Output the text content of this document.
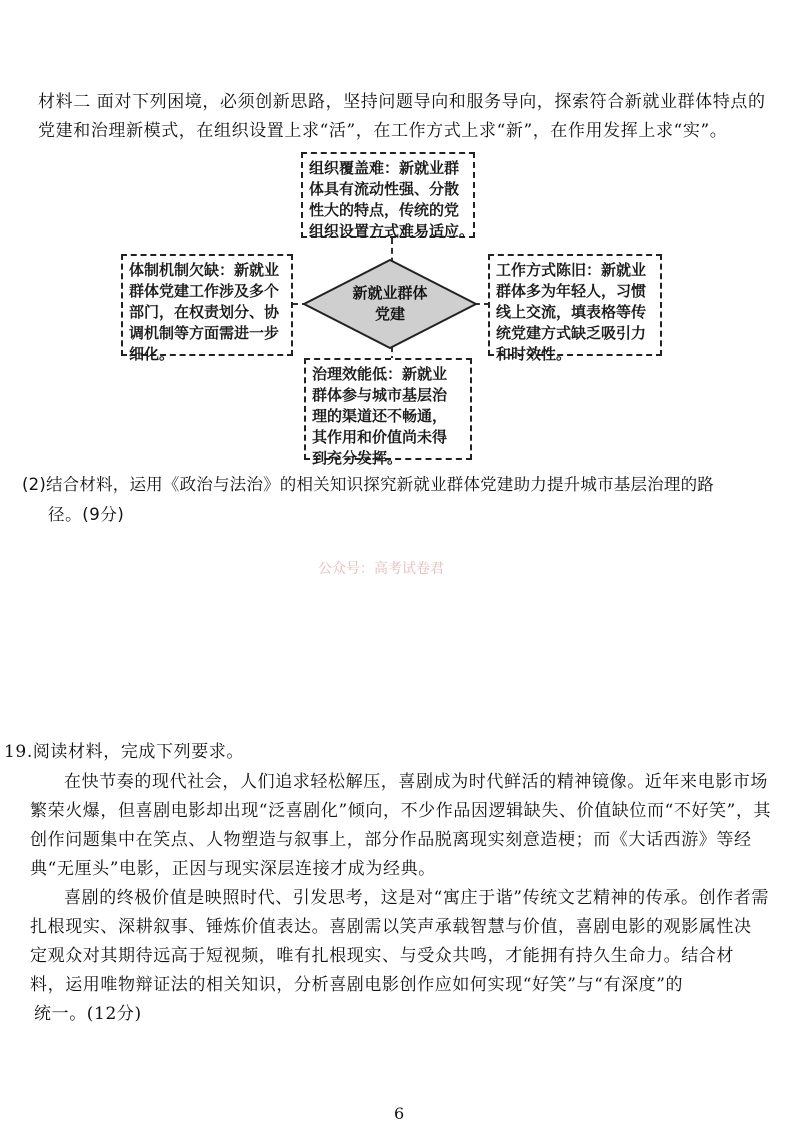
材料二 面对下列困境，必须创新思路，坚持问题导向和服务导向，探索符合新就业群体特点的
党建和治理新模式，在组织设置上求“活”，在工作方式上求“新”，在作用发挥上求“实”。
新就业群体
党建
组织覆盖难：新就业群
体具有流动性强、分散
性大的特点，传统的党
组织设置方式难易适应。
体制机制欠缺：新就业
群体党建工作涉及多个
部门，在权责划分、协
调机制等方面需进一步
细化。
工作方式陈旧：新就业
群体多为年轻人，习惯
线上交流，填表格等传
统党建方式缺乏吸引力
和时效性。
治理效能低：新就业
群体参与城市基层治
理的渠道还不畅通，
其作用和价值尚未得
到充分发挥。
(2)结合材料，运用《政治与法治》的相关知识探究新就业群体党建助力提升城市基层治理的路
径。(9分)
公众号：高考试卷君
19.阅读材料，完成下列要求。
在快节奏的现代社会，人们追求轻松解压，喜剧成为时代鲜活的精神镜像。近年来电影市场
繁荣火爆，但喜剧电影却出现“泛喜剧化”倾向，不少作品因逻辑缺失、价值缺位而“不好笑”，其
创作问题集中在笑点、人物塑造与叙事上，部分作品脱离现实刻意造梗；而《大话西游》等经
典“无厘头”电影，正因与现实深层连接才成为经典。
喜剧的终极价值是映照时代、引发思考，这是对“寓庄于谐”传统文艺精神的传承。创作者需
扎根现实、深耕叙事、锤炼价值表达。喜剧需以笑声承载智慧与价值，喜剧电影的观影属性决
定观众对其期待远高于短视频，唯有扎根现实、与受众共鸣，才能拥有持久生命力。结合材
料，运用唯物辩证法的相关知识，分析喜剧电影创作应如何实现“好笑”与“有深度”的
统一。(12分)
6
